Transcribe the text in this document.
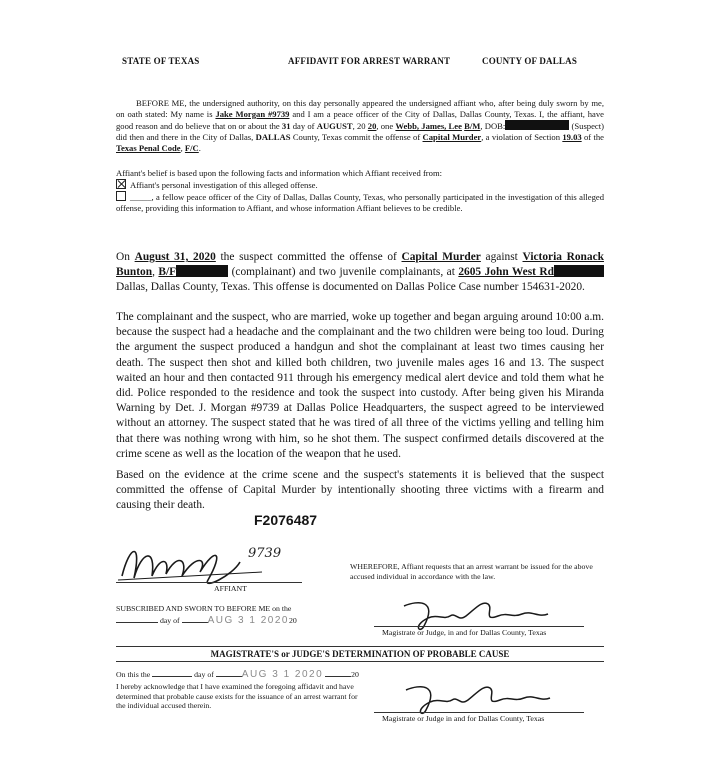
STATE OF TEXAS	AFFIDAVIT FOR ARREST WARRANT	COUNTY OF DALLAS
BEFORE ME, the undersigned authority, on this day personally appeared the undersigned affiant who, after being duly sworn by me, on oath stated: My name is Jake Morgan #9739 and I am a peace officer of the City of Dallas, Dallas County, Texas. I, the affiant, have good reason and do believe that on or about the 31 day of AUGUST, 20 20, one Webb, James, Lee B/M, DOB:	(Suspect) did then and there in the City of Dallas, DALLAS County, Texas commit the offense of Capital Murder, a violation of Section 19.03 of the Texas Penal Code, F/C.
Affiant's belief is based upon the following facts and information which Affiant received from:
Affiant's personal investigation of this alleged offense.
_____, a fellow peace officer of the City of Dallas, Dallas County, Texas, who personally participated in the investigation of this alleged offense, providing this information to Affiant, and whose information Affiant believes to be credible.
On August 31, 2020 the suspect committed the offense of Capital Murder against Victoria Ronack Bunton, B/F	(complainant) and two juvenile complainants, at 2605 John West Rd Dallas, Dallas County, Texas. This offense is documented on Dallas Police Case number 154631-2020.
The complainant and the suspect, who are married, woke up together and began arguing around 10:00 a.m. because the suspect had a headache and the complainant and the two children were being too loud. During the argument the suspect produced a handgun and shot the complainant at least two times causing her death. The suspect then shot and killed both children, two juvenile males ages 16 and 13. The suspect waited an hour and then contacted 911 through his emergency medical alert device and told them what he did. Police responded to the residence and took the suspect into custody. After being given his Miranda Warning by Det. J. Morgan #9739 at Dallas Police Headquarters, the suspect agreed to be interviewed without an attorney. The suspect stated that he was tired of all three of the victims yelling and telling him that there was nothing wrong with him, so he shot them. The suspect confirmed details discovered at the crime scene as well as the location of the weapon that he used.
Based on the evidence at the crime scene and the suspect's statements it is believed that the suspect committed the offense of Capital Murder by intentionally shooting three victims with a firearm and causing their death.
F2076487
9739
AFFIANT
WHEREFORE, Affiant requests that an arrest warrant be issued for the above accused individual in accordance with the law.
SUBSCRIBED AND SWORN TO BEFORE ME on the
day of	AUG 3 1 202020
Magistrate or Judge, in and for Dallas County, Texas
MAGISTRATE'S or JUDGE'S DETERMINATION OF PROBABLE CAUSE
On this the	day of	AUG 3 1 2020	20
I hereby acknowledge that I have examined the foregoing affidavit and have determined that probable cause exists for the issuance of an arrest warrant for the individual accused therein.
Magistrate or Judge in and for Dallas County, Texas
